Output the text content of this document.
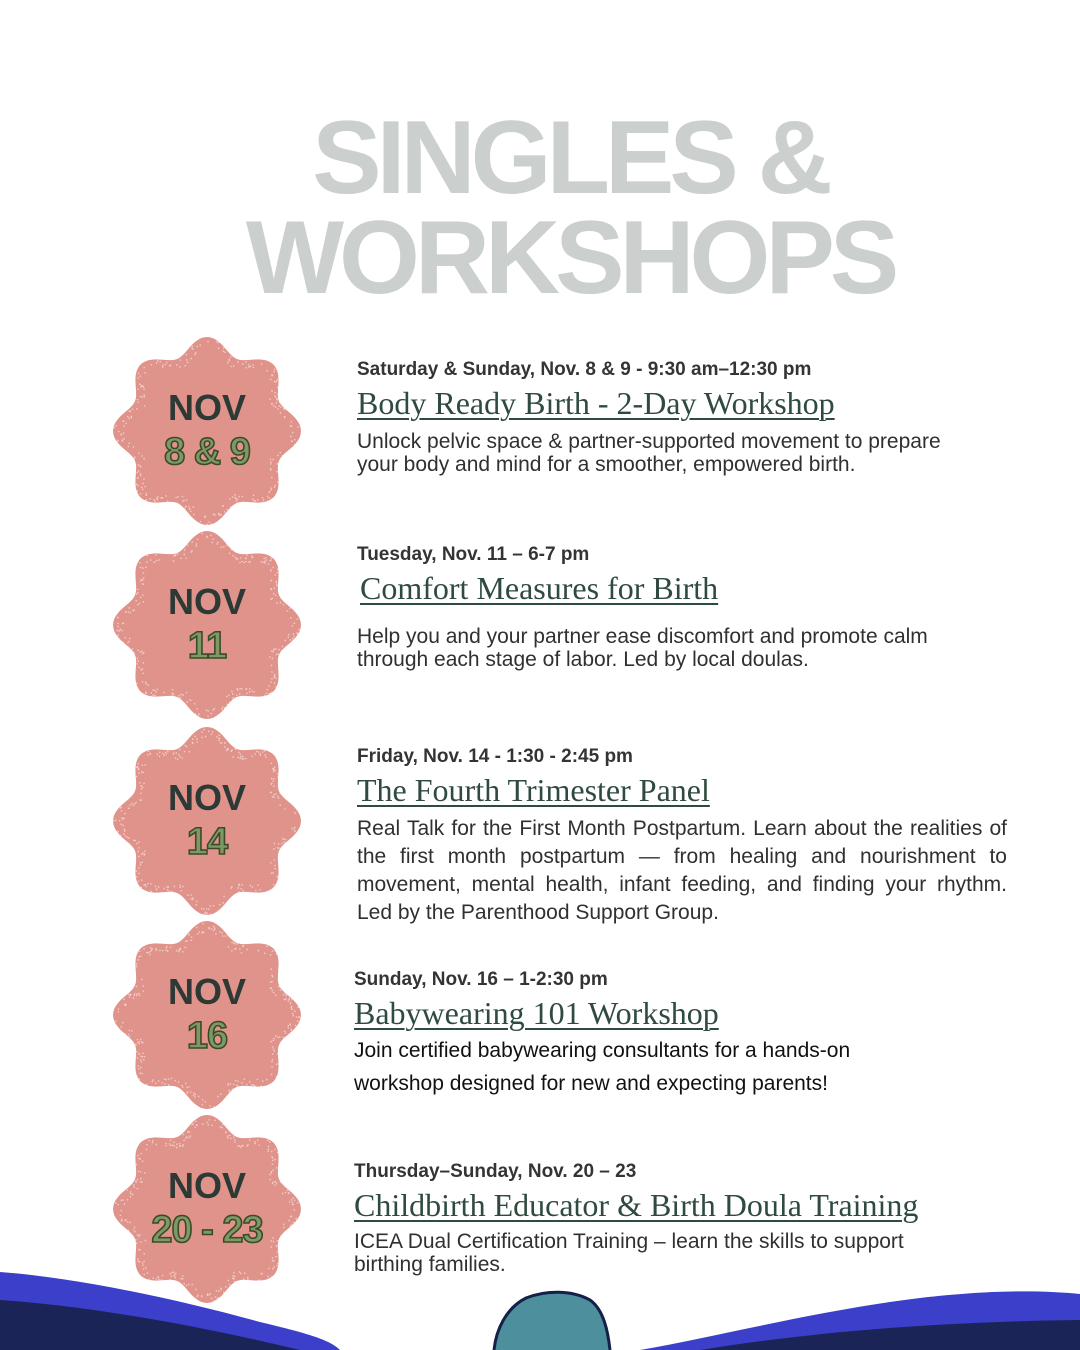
SINGLES &
WORKSHOPS
NOV
8 & 9
Saturday & Sunday, Nov. 8 & 9 - 9:30 am–12:30 pm
Body Ready Birth - 2-Day Workshop
Unlock pelvic space & partner-supported movement to prepare your body and mind for a smoother, empowered birth.
NOV
11
Tuesday, Nov. 11 – 6-7 pm
Comfort Measures for Birth
Help you and your partner ease discomfort and promote calm through each stage of labor. Led by local doulas.
NOV
14
Friday, Nov. 14 - 1:30 - 2:45 pm
The Fourth Trimester Panel
Real Talk for the First Month Postpartum. Learn about the realities of the first month postpartum — from healing and nourishment to movement, mental health, infant feeding, and finding your rhythm. Led by the Parenthood Support Group.
NOV
16
Sunday, Nov. 16 – 1-2:30 pm
Babywearing 101 Workshop
Join certified babywearing consultants for a hands-on workshop designed for new and expecting parents!
NOV
20 - 23
Thursday–Sunday, Nov. 20 – 23
Childbirth Educator & Birth Doula Training
ICEA Dual Certification Training – learn the skills to support birthing families.
